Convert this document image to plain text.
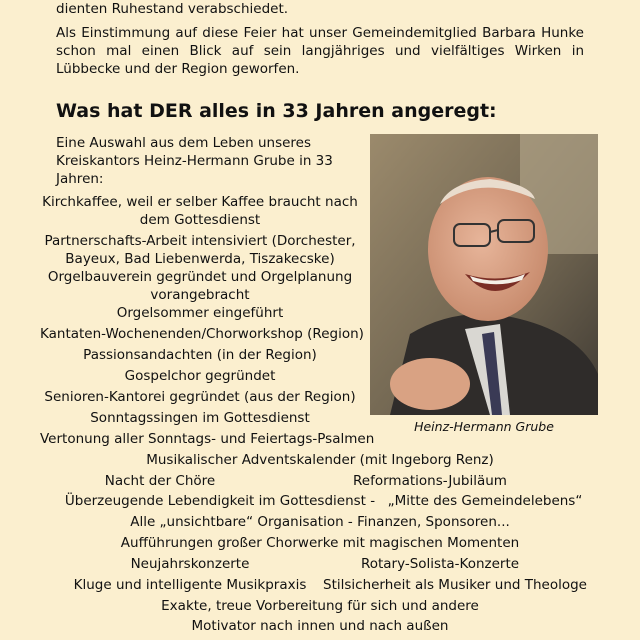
dienten Ruhestand verabschiedet.

Als Einstimmung auf diese Feier hat unser Gemeindemitglied Barbara Hunke schon mal einen Blick auf sein langjähriges und vielfältiges Wirken in Lübbecke und der Region geworfen.

Was hat DER alles in 33 Jahren angeregt:
Eine Auswahl aus dem Leben unseres Kreiskantors Heinz-Hermann Grube in 33 Jahren:
Heinz-Hermann Grube
Kirchkaffee, weil er selber Kaffee braucht nach dem Gottesdienst
Partnerschafts-Arbeit intensiviert (Dorchester, Bayeux, Bad Liebenwerda, Tiszakecske)
Orgelbauverein gegründet und Orgelplanung vorangebracht
Orgelsommer eingeführt
Kantaten-Wochenenden/Chorworkshop (Region)
Passionsandachten (in der Region)
Gospelchor gegründet
Senioren-Kantorei gegründet (aus der Region)
Sonntagssingen im Gottesdienst
Vertonung aller Sonntags- und Feiertags-Psalmen
Musikalischer Adventskalender (mit Ingeborg Renz)
Nacht der Chöre	Reformations-Jubiläum
Überzeugende Lebendigkeit im Gottesdienst - „Mitte des Gemeindelebens“
Alle „unsichtbare“ Organisation - Finanzen, Sponsoren...
Aufführungen großer Chorwerke mit magischen Momenten
Neujahrskonzerte	Rotary-Solista-Konzerte
Kluge und intelligente Musikpraxis	Stilsicherheit als Musiker und Theologe
Exakte, treue Vorbereitung für sich und andere
Motivator nach innen und nach außen
